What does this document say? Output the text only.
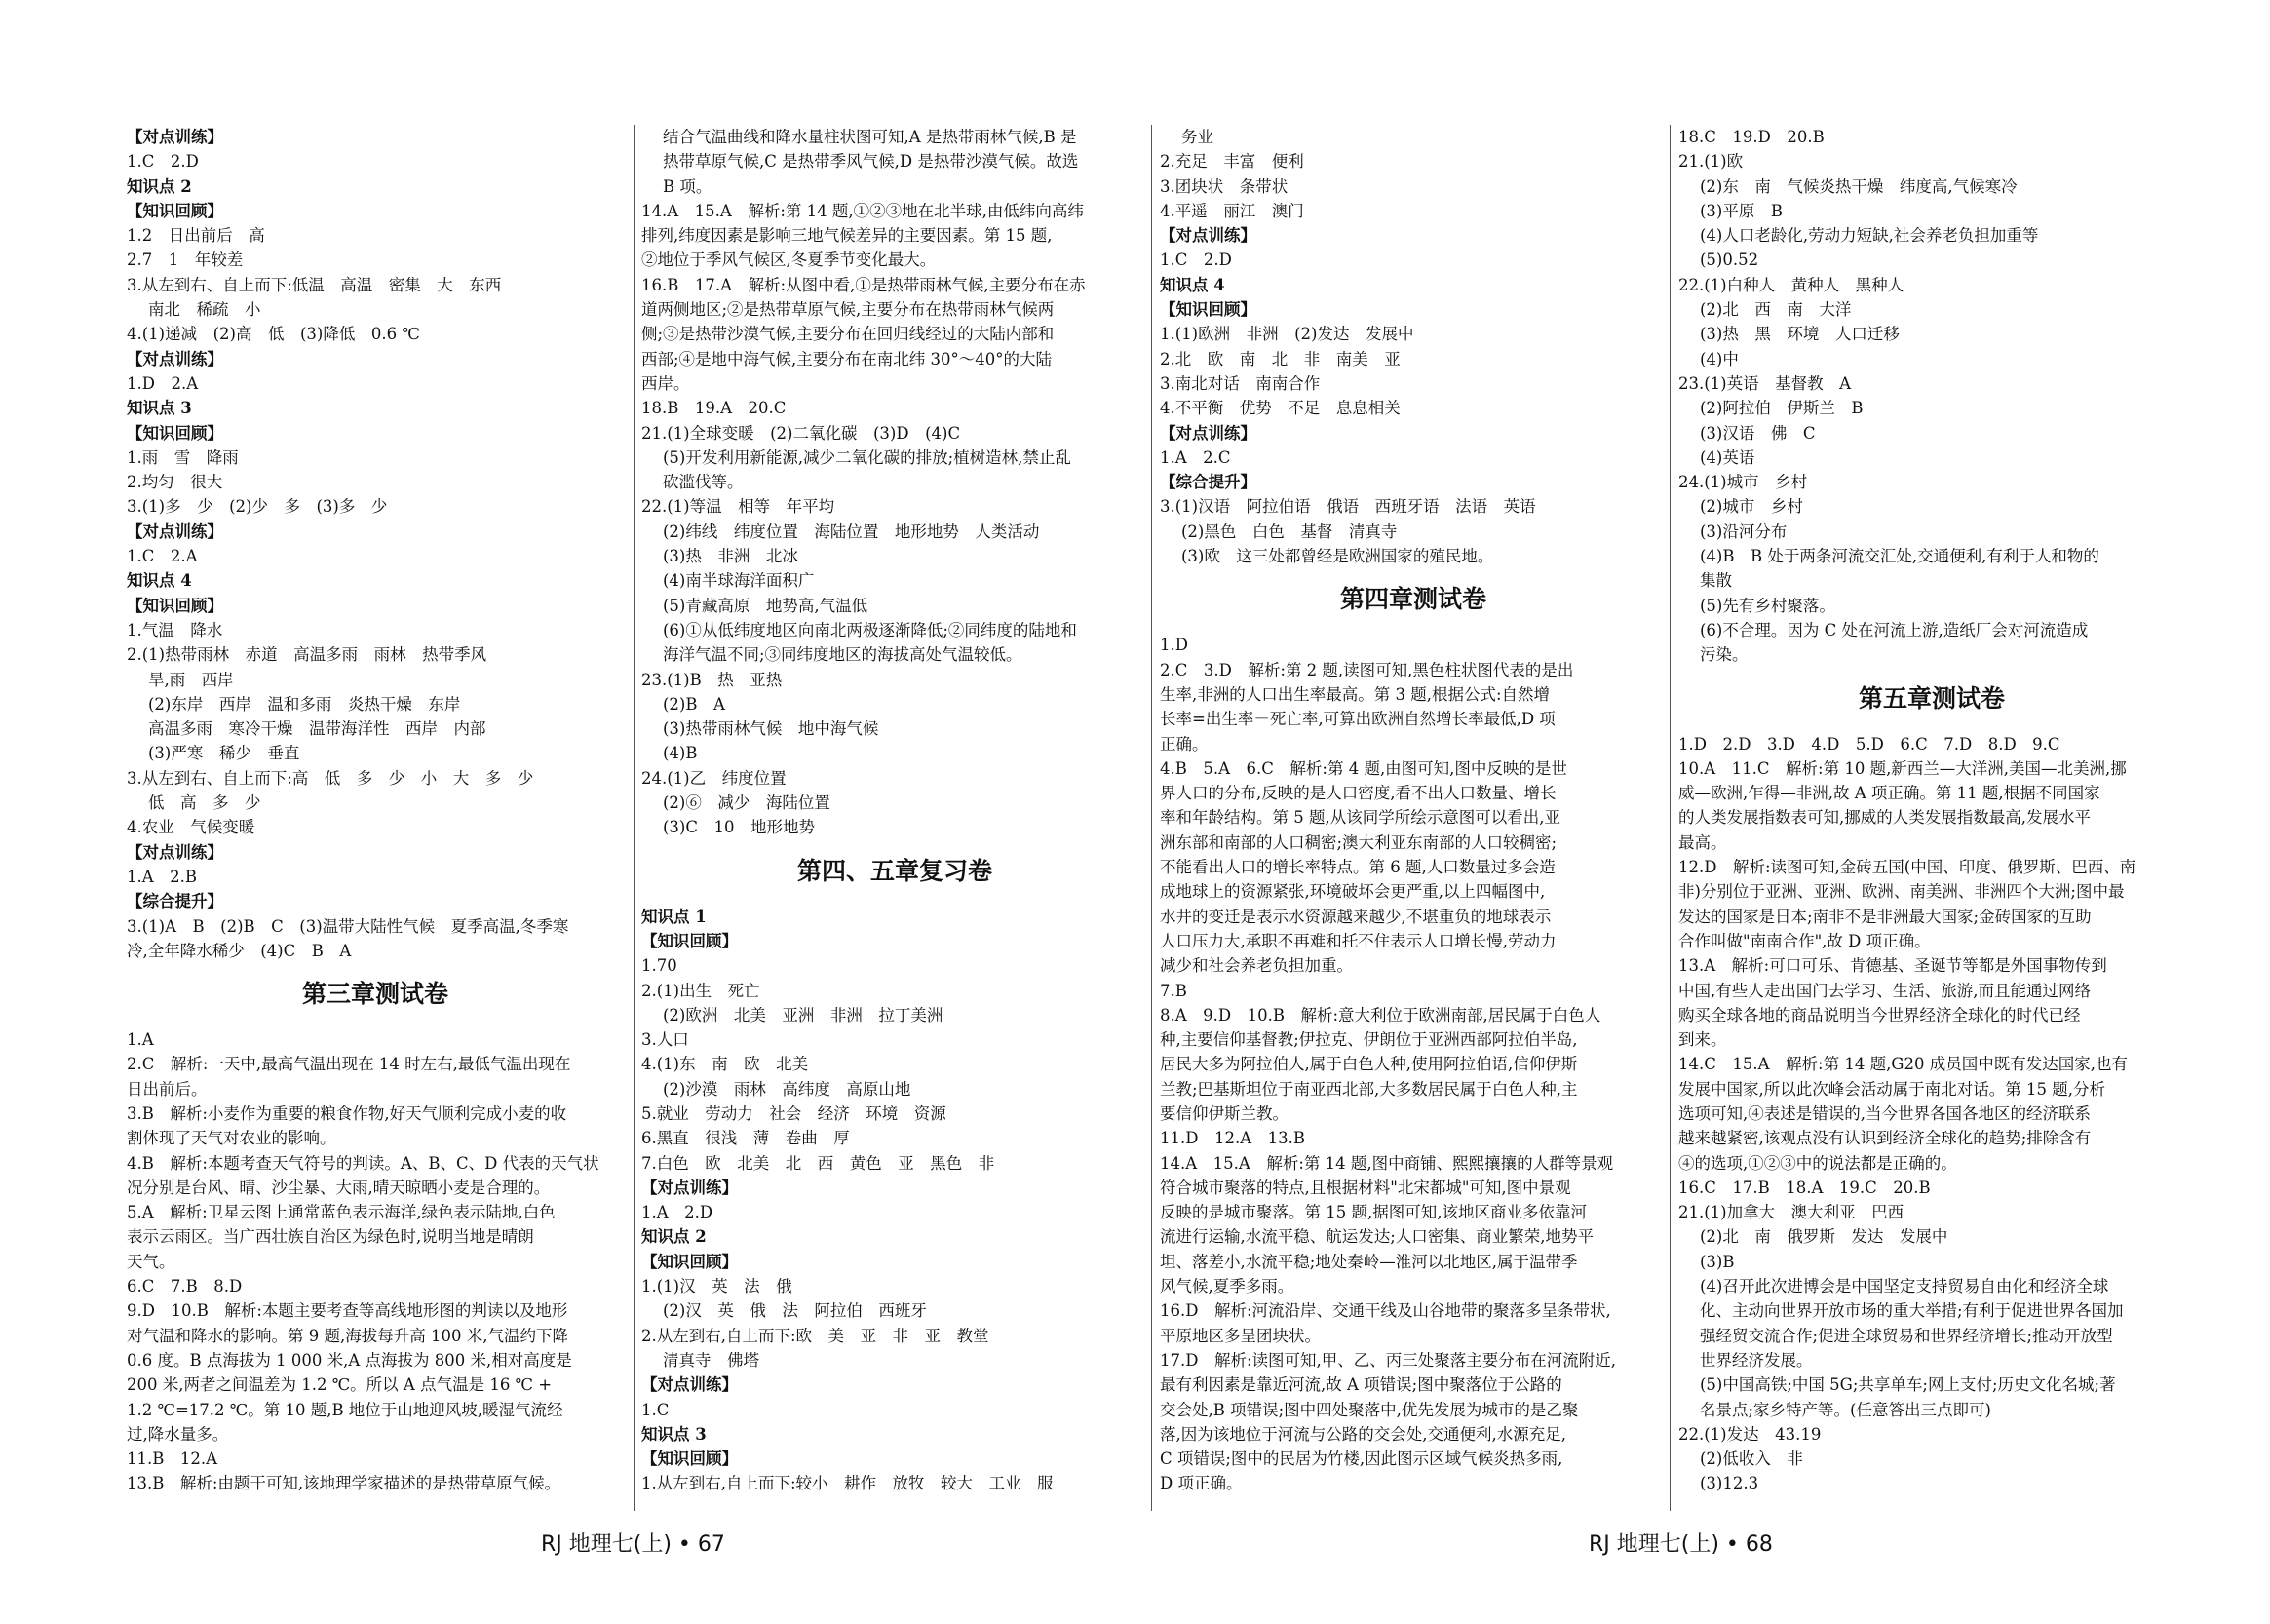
【对点训练】
1.C　2.D
知识点 2
【知识回顾】
1.2　日出前后　高
2.7　1　年较差
3.从左到右、自上而下:低温　高温　密集　大　东西
南北　稀疏　小
4.(1)递减　(2)高　低　(3)降低　0.6 ℃
【对点训练】
1.D　2.A
知识点 3
【知识回顾】
1.雨　雪　降雨
2.均匀　很大
3.(1)多　少　(2)少　多　(3)多　少
【对点训练】
1.C　2.A
知识点 4
【知识回顾】
1.气温　降水
2.(1)热带雨林　赤道　高温多雨　雨林　热带季风
旱,雨　西岸
(2)东岸　西岸　温和多雨　炎热干燥　东岸
高温多雨　寒冷干燥　温带海洋性　西岸　内部
(3)严寒　稀少　垂直
3.从左到右、自上而下:高　低　多　少　小　大　多　少
低　高　多　少
4.农业　气候变暖
【对点训练】
1.A　2.B
【综合提升】
3.(1)A　B　(2)B　C　(3)温带大陆性气候　夏季高温,冬季寒
冷,全年降水稀少　(4)C　B　A
第三章测试卷
1.A
2.C　解析:一天中,最高气温出现在 14 时左右,最低气温出现在
日出前后。
3.B　解析:小麦作为重要的粮食作物,好天气顺利完成小麦的收
割体现了天气对农业的影响。
4.B　解析:本题考查天气符号的判读。A、B、C、D 代表的天气状
况分别是台风、晴、沙尘暴、大雨,晴天晾晒小麦是合理的。
5.A　解析:卫星云图上通常蓝色表示海洋,绿色表示陆地,白色
表示云雨区。当广西壮族自治区为绿色时,说明当地是晴朗
天气。
6.C　7.B　8.D
9.D　10.B　解析:本题主要考查等高线地形图的判读以及地形
对气温和降水的影响。第 9 题,海拔每升高 100 米,气温约下降
0.6 度。B 点海拔为 1 000 米,A 点海拔为 800 米,相对高度是
200 米,两者之间温差为 1.2 ℃。所以 A 点气温是 16 ℃ +
1.2 ℃=17.2 ℃。第 10 题,B 地位于山地迎风坡,暖湿气流经
过,降水量多。
11.B　12.A
13.B　解析:由题干可知,该地理学家描述的是热带草原气候。
结合气温曲线和降水量柱状图可知,A 是热带雨林气候,B 是
热带草原气候,C 是热带季风气候,D 是热带沙漠气候。故选
B 项。
14.A　15.A　解析:第 14 题,①②③地在北半球,由低纬向高纬
排列,纬度因素是影响三地气候差异的主要因素。第 15 题,
②地位于季风气候区,冬夏季节变化最大。
16.B　17.A　解析:从图中看,①是热带雨林气候,主要分布在赤
道两侧地区;②是热带草原气候,主要分布在热带雨林气候两
侧;③是热带沙漠气候,主要分布在回归线经过的大陆内部和
西部;④是地中海气候,主要分布在南北纬 30°～40°的大陆
西岸。
18.B　19.A　20.C
21.(1)全球变暖　(2)二氧化碳　(3)D　(4)C
(5)开发利用新能源,减少二氧化碳的排放;植树造林,禁止乱
砍滥伐等。
22.(1)等温　相等　年平均
(2)纬线　纬度位置　海陆位置　地形地势　人类活动
(3)热　非洲　北冰
(4)南半球海洋面积广
(5)青藏高原　地势高,气温低
(6)①从低纬度地区向南北两极逐渐降低;②同纬度的陆地和
海洋气温不同;③同纬度地区的海拔高处气温较低。
23.(1)B　热　亚热
(2)B　A
(3)热带雨林气候　地中海气候
(4)B
24.(1)乙　纬度位置
(2)⑥　减少　海陆位置
(3)C　10　地形地势
第四、五章复习卷
知识点 1
【知识回顾】
1.70
2.(1)出生　死亡
(2)欧洲　北美　亚洲　非洲　拉丁美洲
3.人口
4.(1)东　南　欧　北美
(2)沙漠　雨林　高纬度　高原山地
5.就业　劳动力　社会　经济　环境　资源
6.黑直　很浅　薄　卷曲　厚
7.白色　欧　北美　北　西　黄色　亚　黑色　非
【对点训练】
1.A　2.D
知识点 2
【知识回顾】
1.(1)汉　英　法　俄
(2)汉　英　俄　法　阿拉伯　西班牙
2.从左到右,自上而下:欧　美　亚　非　亚　教堂
清真寺　佛塔
【对点训练】
1.C
知识点 3
【知识回顾】
1.从左到右,自上而下:较小　耕作　放牧　较大　工业　服
务业
2.充足　丰富　便利
3.团块状　条带状
4.平遥　丽江　澳门
【对点训练】
1.C　2.D
知识点 4
【知识回顾】
1.(1)欧洲　非洲　(2)发达　发展中
2.北　欧　南　北　非　南美　亚
3.南北对话　南南合作
4.不平衡　优势　不足　息息相关
【对点训练】
1.A　2.C
【综合提升】
3.(1)汉语　阿拉伯语　俄语　西班牙语　法语　英语
(2)黑色　白色　基督　清真寺
(3)欧　这三处都曾经是欧洲国家的殖民地。
第四章测试卷
1.D
2.C　3.D　解析:第 2 题,读图可知,黑色柱状图代表的是出
生率,非洲的人口出生率最高。第 3 题,根据公式:自然增
长率=出生率－死亡率,可算出欧洲自然增长率最低,D 项
正确。
4.B　5.A　6.C　解析:第 4 题,由图可知,图中反映的是世
界人口的分布,反映的是人口密度,看不出人口数量、增长
率和年龄结构。第 5 题,从该同学所绘示意图可以看出,亚
洲东部和南部的人口稠密;澳大利亚东南部的人口较稠密;
不能看出人口的增长率特点。第 6 题,人口数量过多会造
成地球上的资源紧张,环境破坏会更严重,以上四幅图中,
水井的变迁是表示水资源越来越少,不堪重负的地球表示
人口压力大,承职不再难和托不住表示人口增长慢,劳动力
减少和社会养老负担加重。
7.B
8.A　9.D　10.B　解析:意大利位于欧洲南部,居民属于白色人
种,主要信仰基督教;伊拉克、伊朗位于亚洲西部阿拉伯半岛,
居民大多为阿拉伯人,属于白色人种,使用阿拉伯语,信仰伊斯
兰教;巴基斯坦位于南亚西北部,大多数居民属于白色人种,主
要信仰伊斯兰教。
11.D　12.A　13.B
14.A　15.A　解析:第 14 题,图中商铺、熙熙攘攘的人群等景观
符合城市聚落的特点,且根据材料"北宋都城"可知,图中景观
反映的是城市聚落。第 15 题,据图可知,该地区商业多依靠河
流进行运输,水流平稳、航运发达;人口密集、商业繁荣,地势平
坦、落差小,水流平稳;地处秦岭—淮河以北地区,属于温带季
风气候,夏季多雨。
16.D　解析:河流沿岸、交通干线及山谷地带的聚落多呈条带状,
平原地区多呈团块状。
17.D　解析:读图可知,甲、乙、丙三处聚落主要分布在河流附近,
最有利因素是靠近河流,故 A 项错误;图中聚落位于公路的
交会处,B 项错误;图中四处聚落中,优先发展为城市的是乙聚
落,因为该地位于河流与公路的交会处,交通便利,水源充足,
C 项错误;图中的民居为竹楼,因此图示区域气候炎热多雨,
D 项正确。
18.C　19.D　20.B
21.(1)欧
(2)东　南　气候炎热干燥　纬度高,气候寒冷
(3)平原　B
(4)人口老龄化,劳动力短缺,社会养老负担加重等
(5)0.52
22.(1)白种人　黄种人　黑种人
(2)北　西　南　大洋
(3)热　黑　环境　人口迁移
(4)中
23.(1)英语　基督教　A
(2)阿拉伯　伊斯兰　B
(3)汉语　佛　C
(4)英语
24.(1)城市　乡村
(2)城市　乡村
(3)沿河分布
(4)B　B 处于两条河流交汇处,交通便利,有利于人和物的
集散
(5)先有乡村聚落。
(6)不合理。因为 C 处在河流上游,造纸厂会对河流造成
污染。
第五章测试卷
1.D　2.D　3.D　4.D　5.D　6.C　7.D　8.D　9.C
10.A　11.C　解析:第 10 题,新西兰—大洋洲,美国—北美洲,挪
威—欧洲,乍得—非洲,故 A 项正确。第 11 题,根据不同国家
的人类发展指数表可知,挪威的人类发展指数最高,发展水平
最高。
12.D　解析:读图可知,金砖五国(中国、印度、俄罗斯、巴西、南
非)分别位于亚洲、亚洲、欧洲、南美洲、非洲四个大洲;图中最
发达的国家是日本;南非不是非洲最大国家;金砖国家的互助
合作叫做"南南合作",故 D 项正确。
13.A　解析:可口可乐、肯德基、圣诞节等都是外国事物传到
中国,有些人走出国门去学习、生活、旅游,而且能通过网络
购买全球各地的商品说明当今世界经济全球化的时代已经
到来。
14.C　15.A　解析:第 14 题,G20 成员国中既有发达国家,也有
发展中国家,所以此次峰会活动属于南北对话。第 15 题,分析
选项可知,④表述是错误的,当今世界各国各地区的经济联系
越来越紧密,该观点没有认识到经济全球化的趋势;排除含有
④的选项,①②③中的说法都是正确的。
16.C　17.B　18.A　19.C　20.B
21.(1)加拿大　澳大利亚　巴西
(2)北　南　俄罗斯　发达　发展中
(3)B
(4)召开此次进博会是中国坚定支持贸易自由化和经济全球
化、主动向世界开放市场的重大举措;有利于促进世界各国加
强经贸交流合作;促进全球贸易和世界经济增长;推动开放型
世界经济发展。
(5)中国高铁;中国 5G;共享单车;网上支付;历史文化名城;著
名景点;家乡特产等。(任意答出三点即可)
22.(1)发达　43.19
(2)低收入　非
(3)12.3
RJ 地理七(上) • 67	RJ 地理七(上) • 68
